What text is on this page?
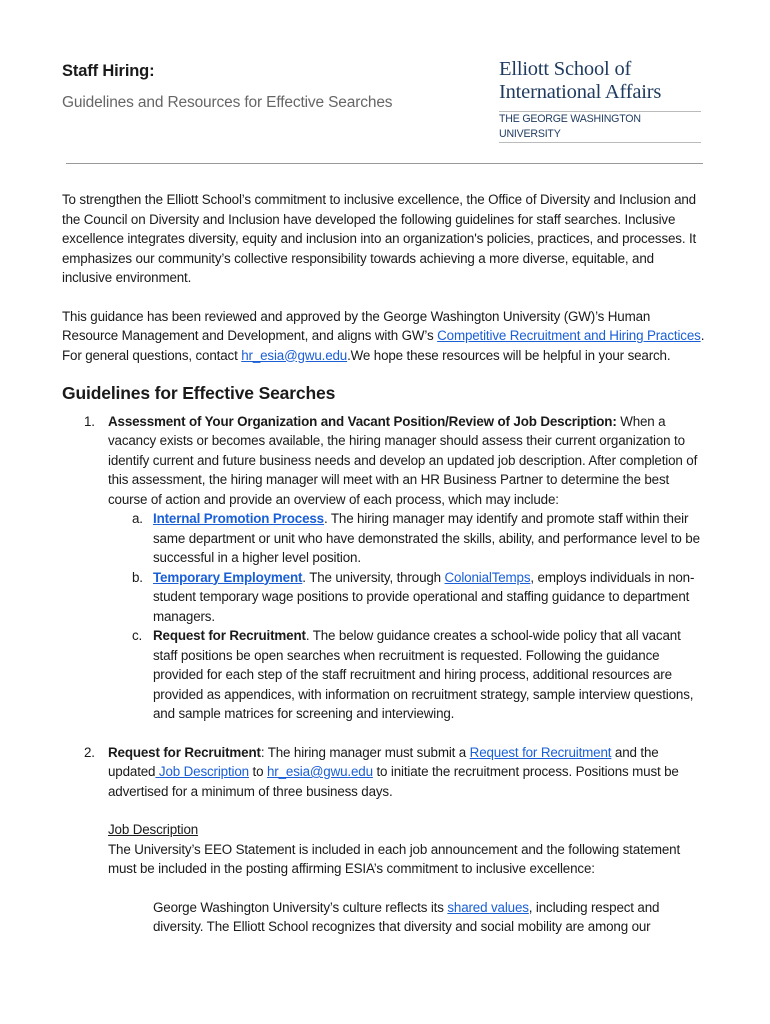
Staff Hiring:
Guidelines and Resources for Effective Searches
Elliott School of
International Affairs
THE GEORGE WASHINGTON UNIVERSITY

To strengthen the Elliott School’s commitment to inclusive excellence, the Office of Diversity and Inclusion and the Council on Diversity and Inclusion have developed the following guidelines for staff searches. Inclusive excellence integrates diversity, equity and inclusion into an organization's policies, practices, and processes. It emphasizes our community’s collective responsibility towards achieving a more diverse, equitable, and inclusive environment.

This guidance has been reviewed and approved by the George Washington University (GW)’s Human Resource Management and Development, and aligns with GW’s Competitive Recruitment and Hiring Practices. For general questions, contact hr_esia@gwu.edu.We hope these resources will be helpful in your search.

Guidelines for Effective Searches
1. Assessment of Your Organization and Vacant Position/Review of Job Description: When a vacancy exists or becomes available, the hiring manager should assess their current organization to identify current and future business needs and develop an updated job description. After completion of this assessment, the hiring manager will meet with an HR Business Partner to determine the best course of action and provide an overview of each process, which may include:
a. Internal Promotion Process. The hiring manager may identify and promote staff within their same department or unit who have demonstrated the skills, ability, and performance level to be successful in a higher level position.
b. Temporary Employment. The university, through ColonialTemps, employs individuals in non-student temporary wage positions to provide operational and staffing guidance to department managers.
c. Request for Recruitment. The below guidance creates a school-wide policy that all vacant staff positions be open searches when recruitment is requested. Following the guidance provided for each step of the staff recruitment and hiring process, additional resources are provided as appendices, with information on recruitment strategy, sample interview questions, and sample matrices for screening and interviewing.
2. Request for Recruitment: The hiring manager must submit a Request for Recruitment and the updated Job Description to hr_esia@gwu.edu to initiate the recruitment process. Positions must be advertised for a minimum of three business days.
Job Description
The University’s EEO Statement is included in each job announcement and the following statement must be included in the posting affirming ESIA’s commitment to inclusive excellence:
George Washington University’s culture reflects its shared values, including respect and diversity. The Elliott School recognizes that diversity and social mobility are among our
